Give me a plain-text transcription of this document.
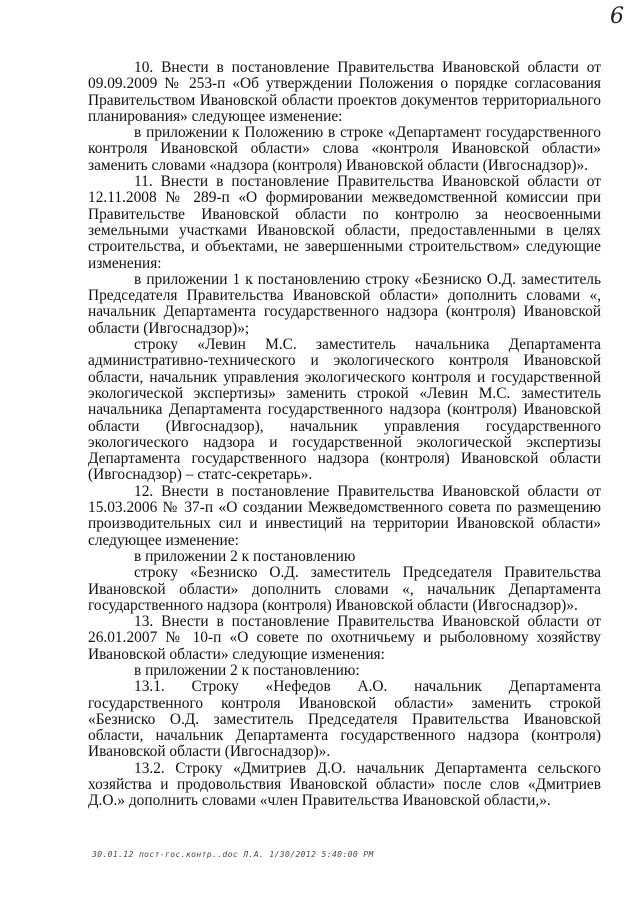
6

10. Внести в постановление Правительства Ивановской области от 09.09.2009 № 253-п «Об утверждении Положения о порядке согласования Правительством Ивановской области проектов документов территориального планирования» следующее изменение:

в приложении к Положению в строке «Департамент государственного контроля Ивановской области» слова «контроля Ивановской области» заменить словами «надзора (контроля) Ивановской области (Ивгоснадзор)».

11. Внести в постановление Правительства Ивановской области от 12.11.2008 № 289-п «О формировании межведомственной комиссии при Правительстве Ивановской области по контролю за неосвоенными земельными участками Ивановской области, предоставленными в целях строительства, и объектами, не завершенными строительством» следующие изменения:

в приложении 1 к постановлению строку «Безниско О.Д. заместитель Председателя Правительства Ивановской области» дополнить словами «, начальник Департамента государственного надзора (контроля) Ивановской области (Ивгоснадзор)»;

строку «Левин М.С. заместитель начальника Департамента административно-технического и экологического контроля Ивановской области, начальник управления экологического контроля и государственной экологической экспертизы» заменить строкой «Левин М.С. заместитель начальника Департамента государственного надзора (контроля) Ивановской области (Ивгоснадзор), начальник управления государственного экологического надзора и государственной экологической экспертизы Департамента государственного надзора (контроля) Ивановской области (Ивгоснадзор) – статс-секретарь».

12. Внести в постановление Правительства Ивановской области от 15.03.2006 № 37-п «О создании Межведомственного совета по размещению производительных сил и инвестиций на территории Ивановской области» следующее изменение:

в приложении 2 к постановлению

строку «Безниско О.Д. заместитель Председателя Правительства Ивановской области» дополнить словами «, начальник Департамента государственного надзора (контроля) Ивановской области (Ивгоснадзор)».

13. Внести в постановление Правительства Ивановской области от 26.01.2007 № 10-п «О совете по охотничьему и рыболовному хозяйству Ивановской области» следующие изменения:

в приложении 2 к постановлению:

13.1. Строку «Нефедов А.О. начальник Департамента государственного контроля Ивановской области» заменить строкой «Безниско О.Д. заместитель Председателя Правительства Ивановской области, начальник Департамента государственного надзора (контроля) Ивановской области (Ивгоснадзор)».

13.2. Строку «Дмитриев Д.О. начальник Департамента сельского хозяйства и продовольствия Ивановской области» после слов «Дмитриев Д.О.» дополнить словами «член Правительства Ивановской области,».

30.01.12 пост-гос.контр..doc Л.А. 1/30/2012 5:40:00 PM
